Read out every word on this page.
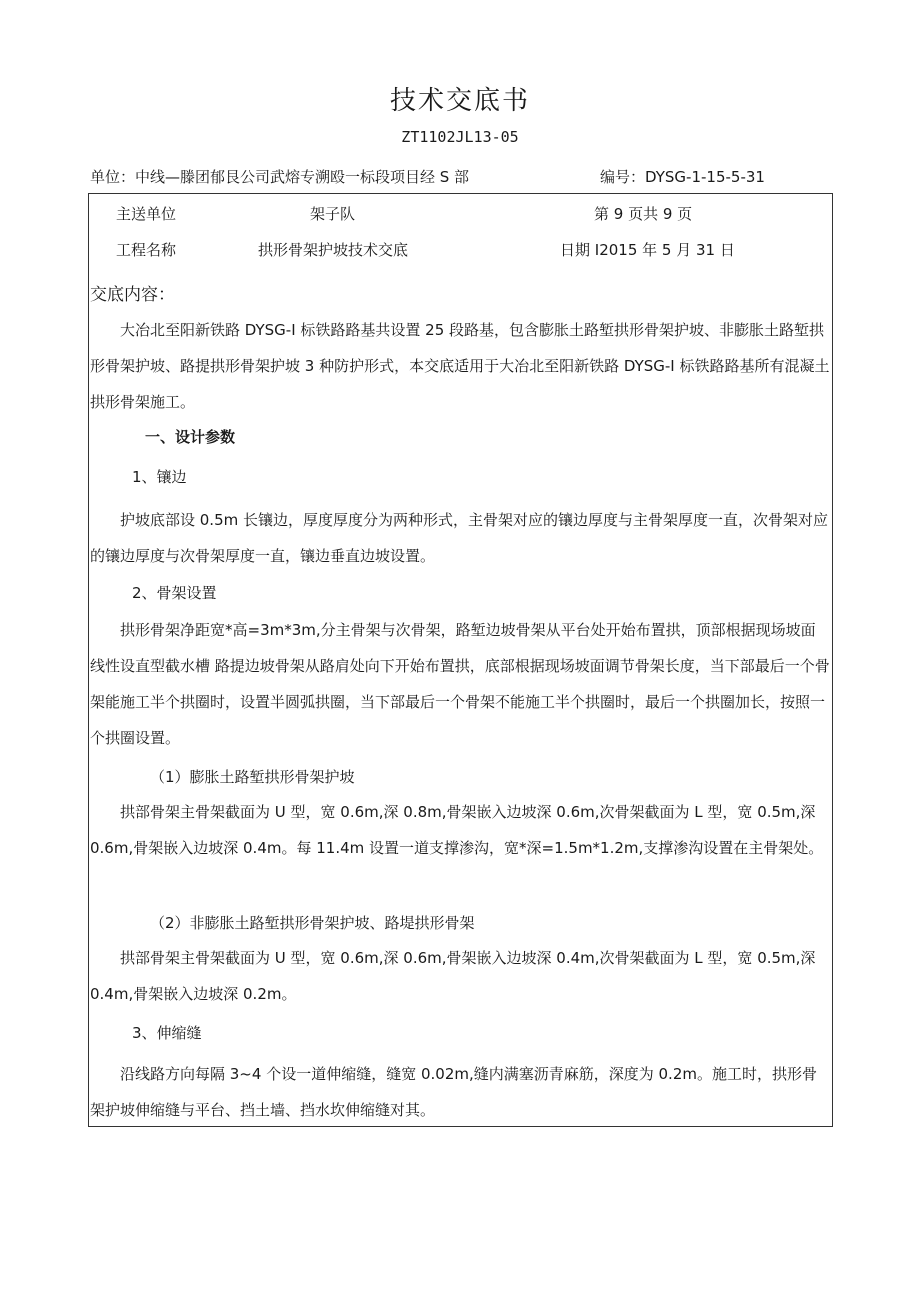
技术交底书
ZT1102JL13-05
单位：中线—滕团郁艮公司武熔专溯殴一标段项目经 S 部	编号：DYSG-1-15-5-31
主送单位	架子队	第 9 页共 9 页
工程名称	拱形骨架护坡技术交底	日期 I2015 年 5 月 31 日
交底内容：
大冶北至阳新铁路 DYSG-I 标铁路路基共设置 25 段路基，包含膨胀土路堑拱形骨架护坡、非膨胀土路堑拱形骨架护坡、路提拱形骨架护坡 3 种防护形式，本交底适用于大冶北至阳新铁路 DYSG-I 标铁路路基所有混凝土拱形骨架施工。
一、设计参数
1、镶边
护坡底部设 0.5m 长镶边，厚度厚度分为两种形式，主骨架对应的镶边厚度与主骨架厚度一直，次骨架对应的镶边厚度与次骨架厚度一直，镶边垂直边坡设置。
2、骨架设置
拱形骨架净距宽*高=3m*3m,分主骨架与次骨架，路堑边坡骨架从平台处开始布置拱，顶部根据现场坡面线性设直型截水槽 路提边坡骨架从路肩处向下开始布置拱，底部根据现场坡面调节骨架长度，当下部最后一个骨架能施工半个拱圈时，设置半圆弧拱圈，当下部最后一个骨架不能施工半个拱圈时，最后一个拱圈加长，按照一个拱圈设置。
（1）膨胀土路堑拱形骨架护坡
拱部骨架主骨架截面为 U 型，宽 0.6m,深 0.8m,骨架嵌入边坡深 0.6m,次骨架截面为 L 型，宽 0.5m,深 0.6m,骨架嵌入边坡深 0.4m。每 11.4m 设置一道支撑渗沟，宽*深=1.5m*1.2m,支撑渗沟设置在主骨架处。
（2）非膨胀土路堑拱形骨架护坡、路堤拱形骨架
拱部骨架主骨架截面为 U 型，宽 0.6m,深 0.6m,骨架嵌入边坡深 0.4m,次骨架截面为 L 型，宽 0.5m,深 0.4m,骨架嵌入边坡深 0.2m。
3、伸缩缝
沿线路方向每隔 3~4 个设一道伸缩缝，缝宽 0.02m,缝内满塞沥青麻筋，深度为 0.2m。施工时，拱形骨架护坡伸缩缝与平台、挡土墙、挡水坎伸缩缝对其。
